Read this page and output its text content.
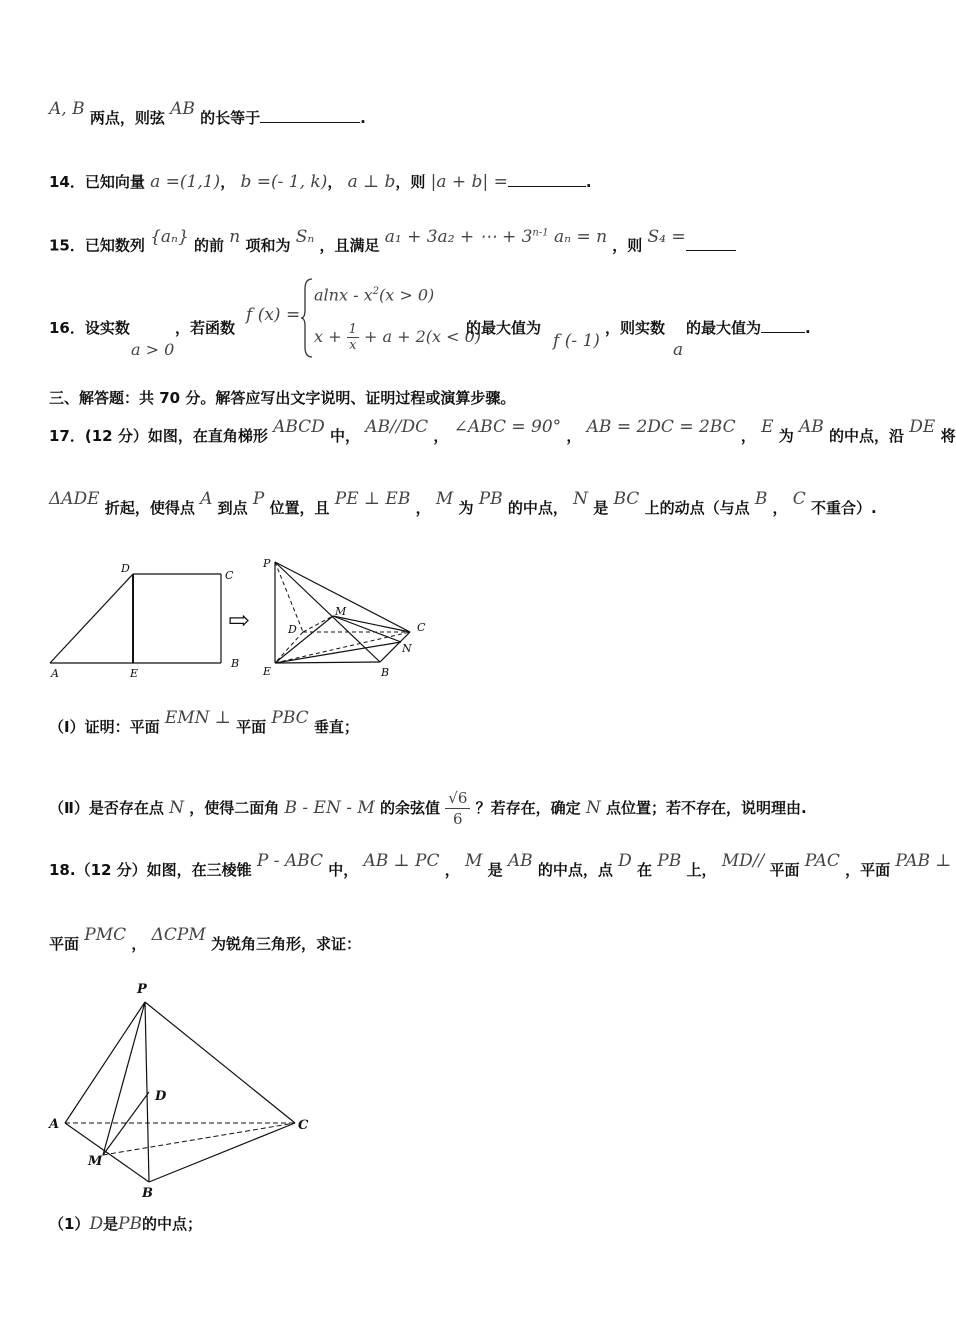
A, B 两点，则弦 AB 的长等于	.
14．已知向量 a =(1,1)， b =(- 1, k)， a ⊥ b，则 |a + b| =	.
15．已知数列 {aₙ} 的前 n 项和为 Sₙ ，且满足 a₁ + 3a₂ + ⋯ + $3^{n-1}$ aₙ = n ，则 S₄ =
16．设实数
a > 0
，若函数
f (x) =
$alnx - x^2(x > 0)$
$x + \frac{1}{x} + a + 2(x < 0)$
的最大值为
f (- 1)
，则实数
a
的最大值为	.
三、解答题：共 70 分。解答应写出文字说明、证明过程或演算步骤。
17．(12 分）如图，在直角梯形 ABCD 中， AB//DC ， ∠ABC = 90° ， AB = 2DC = 2BC ， E 为 AB 的中点，沿 DE 将
ΔADE 折起，使得点 A 到点 P 位置，且 PE ⊥ EB ， M 为 PB 的中点， N 是 BC 上的动点（与点 B ， C 不重合）.
D
C
A	E
B
⇨
P
M
D	C
N
E	B
（Ⅰ）证明：平面 EMN ⊥ 平面 PBC 垂直；
（Ⅱ）是否存在点 N ，使得二面角 B - EN - M 的余弦值 $\frac{√6}{6}$ ？若存在，确定 N 点位置；若不存在，说明理由.
18.（12 分）如图，在三棱锥 P - ABC 中， AB ⊥ PC ， M 是 AB 的中点，点 D 在 PB 上， MD// 平面 PAC ，平面 PAB ⊥
平面 PMC ， ΔCPM 为锐角三角形，求证：
P
D
A	C
M
B
（1）D是PB的中点；
